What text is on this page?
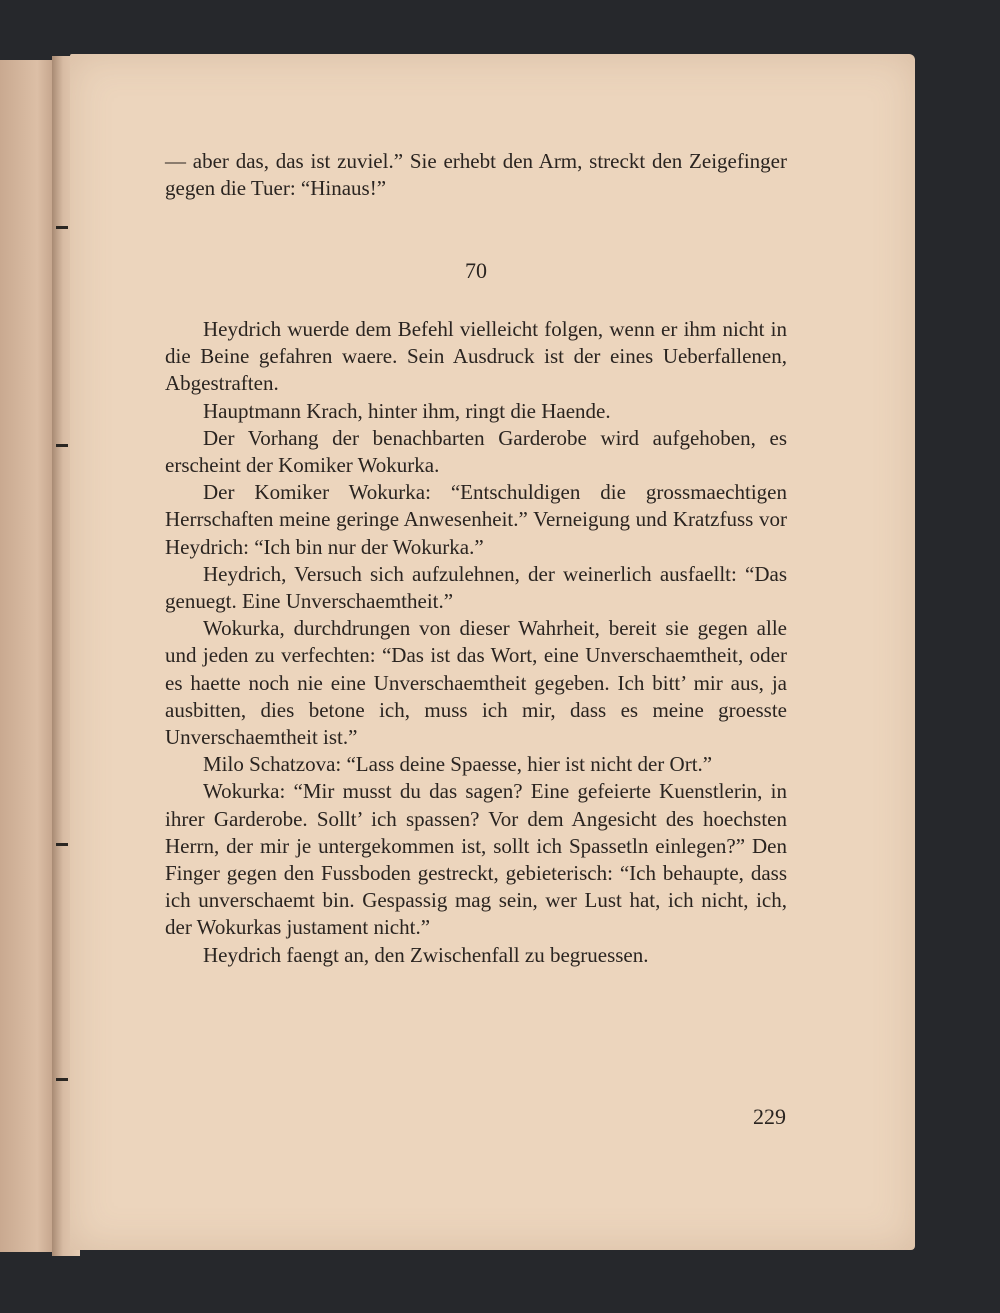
— aber das, das ist zuviel.” Sie erhebt den Arm, streckt den Zeigefinger gegen die Tuer: “Hinaus!”

70

Heydrich wuerde dem Befehl vielleicht folgen, wenn er ihm nicht in die Beine gefahren waere. Sein Ausdruck ist der eines Ueberfallenen, Abgestraften.

Hauptmann Krach, hinter ihm, ringt die Haende.

Der Vorhang der benachbarten Garderobe wird aufgehoben, es erscheint der Komiker Wokurka.

Der Komiker Wokurka: “Entschuldigen die grossmaechtigen Herrschaften meine geringe Anwesenheit.” Verneigung und Kratzfuss vor Heydrich: “Ich bin nur der Wokurka.”

Heydrich, Versuch sich aufzulehnen, der weinerlich ausfaellt: “Das genuegt. Eine Unverschaemtheit.”

Wokurka, durchdrungen von dieser Wahrheit, bereit sie gegen alle und jeden zu verfechten: “Das ist das Wort, eine Unverschaemtheit, oder es haette noch nie eine Unverschaemtheit gegeben. Ich bitt’ mir aus, ja ausbitten, dies betone ich, muss ich mir, dass es meine groesste Unverschaemtheit ist.”

Milo Schatzova: “Lass deine Spaesse, hier ist nicht der Ort.”

Wokurka: “Mir musst du das sagen? Eine gefeierte Kuenstlerin, in ihrer Garderobe. Sollt’ ich spassen? Vor dem Angesicht des hoechsten Herrn, der mir je untergekommen ist, sollt ich Spassetln einlegen?” Den Finger gegen den Fussboden gestreckt, gebieterisch: “Ich behaupte, dass ich unverschaemt bin. Gespassig mag sein, wer Lust hat, ich nicht, ich, der Wokurkas justament nicht.”

Heydrich faengt an, den Zwischenfall zu begruessen.

229
